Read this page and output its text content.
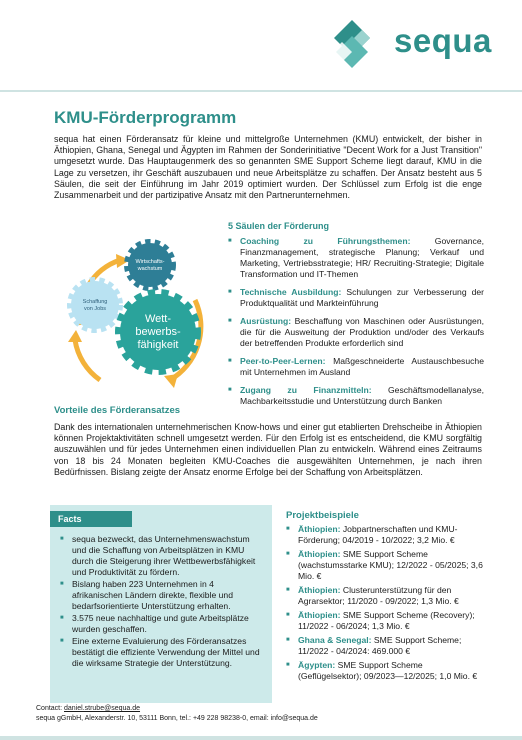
sequa
KMU-Förderprogramm
sequa hat einen Förderansatz für kleine und mittelgroße Unternehmen (KMU) entwickelt, der bisher in Äthiopien, Ghana, Senegal und Ägypten im Rahmen der Sonderinitiative "Decent Work for a Just Transition" umgesetzt wurde. Das Hauptaugenmerk des so genannten SME Support Scheme liegt darauf, KMU in die Lage zu versetzen, ihr Geschäft auszubauen und neue Arbeitsplätze zu schaffen. Der Ansatz besteht aus 5 Säulen, die seit der Einführung im Jahr 2019 optimiert wurden. Der Schlüssel zum Erfolg ist die enge Zusammenarbeit und der partizipative Ansatz mit den Partnerunternehmen.
Wirtschafts-
wachstum
Schaffung
von Jobs
Wett-
bewerbs-
fähigkeit
5 Säulen der Förderung
■ Coaching zu Führungsthemen: Governance, Finanzmanagement, strategische Planung; Verkauf und Marketing, Vertriebsstrategie; HR/ Recruiting-Strategie; Digitale Transformation und IT-Themen
■ Technische Ausbildung: Schulungen zur Verbesserung der Produktqualität und Markteinführung
■ Ausrüstung: Beschaffung von Maschinen oder Ausrüstungen, die für die Ausweitung der Produktion und/oder des Verkaufs der betreffenden Produkte erforderlich sind
■ Peer-to-Peer-Lernen: Maßgeschneiderte Austauschbesuche mit Unternehmen im Ausland
■ Zugang zu Finanzmitteln: Geschäftsmodellanalyse, Machbarkeitsstudie und Unterstützung durch Banken
Vorteile des Förderansatzes
Dank des internationalen unternehmerischen Know-hows und einer gut etablierten Drehscheibe in Äthiopien können Projektaktivitäten schnell umgesetzt werden. Für den Erfolg ist es entscheidend, die KMU sorgfältig auszuwählen und für jedes Unternehmen einen individuellen Plan zu entwickeln. Während eines Zeitraums von 18 bis 24 Monaten begleiten KMU-Coaches die ausgewählten Unternehmen, je nach ihren Bedürfnissen. Bislang zeigte der Ansatz enorme Erfolge bei der Schaffung von Arbeitsplätzen.
Facts
■ sequa bezweckt, das Unternehmenswachstum und die Schaffung von Arbeitsplätzen in KMU durch die Steigerung ihrer Wettbewerbsfähigkeit und Produktivität zu fördern.
■ Bislang haben 223 Unternehmen in 4 afrikanischen Ländern direkte, flexible und bedarfsorientierte Unterstützung erhalten.
■ 3.575 neue nachhaltige und gute Arbeitsplätze wurden geschaffen.
■ Eine externe Evaluierung des Förderansatzes bestätigt die effiziente Verwendung der Mittel und die wirksame Strategie der Unterstützung.
Projektbeispiele
■ Äthiopien: Jobpartnerschaften und KMU-Förderung; 04/2019 - 10/2022; 3,2 Mio. €
■ Äthiopien: SME Support Scheme (wachstumsstarke KMU); 12/2022 - 05/2025; 3,6 Mio. €
■ Äthiopien: Clusterunterstützung für den Agrarsektor; 11/2020 - 09/2022; 1,3 Mio. €
■ Äthiopien: SME Support Scheme (Recovery); 11/2022 - 06/2024; 1,3 Mio. €
■ Ghana & Senegal: SME Support Scheme; 11/2022 - 04/2024: 469.000 €
■ Ägypten: SME Support Scheme (Geflügelsektor); 09/2023—12/2025; 1,0 Mio. €
Contact: daniel.strube@sequa.de
sequa gGmbH, Alexanderstr. 10, 53111 Bonn, tel.: +49 228 98238-0, email: info@sequa.de
